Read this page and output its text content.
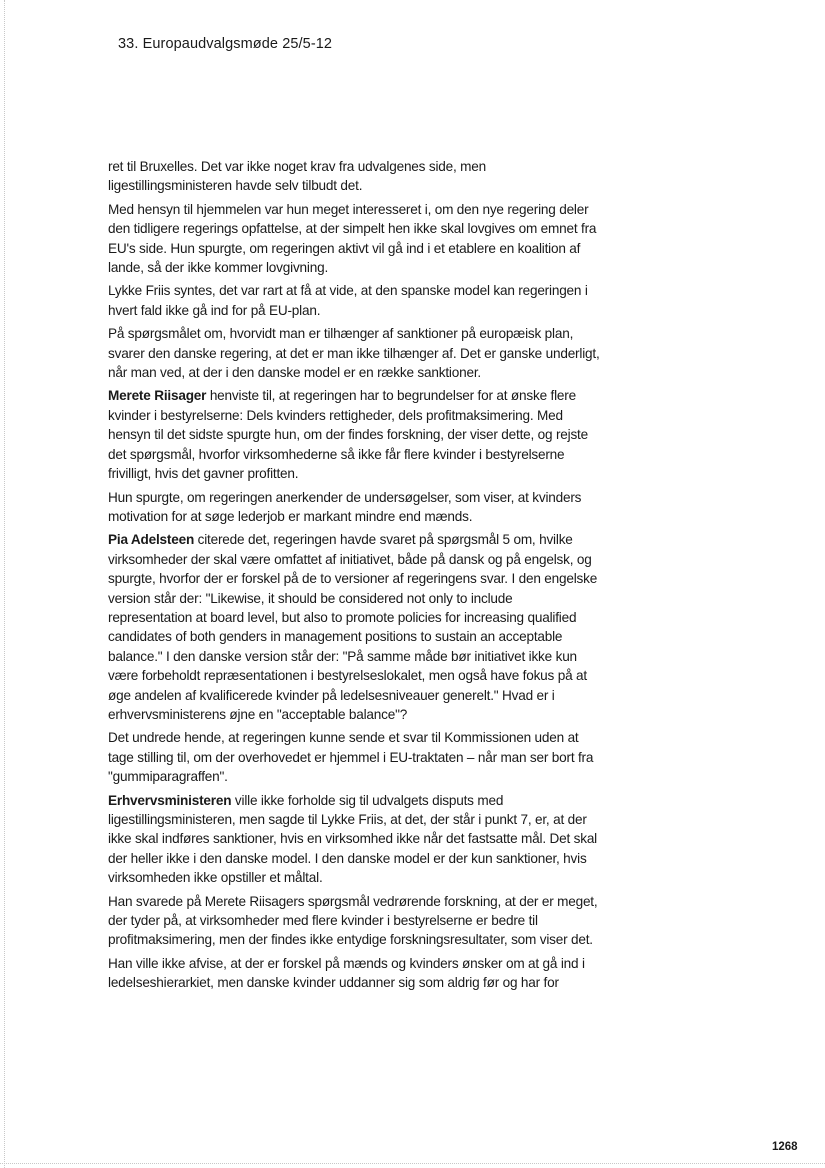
33. Europaudvalgsmøde 25/5-12

ret til Bruxelles. Det var ikke noget krav fra udvalgenes side, men ligestillingsministeren havde selv tilbudt det.

Med hensyn til hjemmelen var hun meget interesseret i, om den nye regering deler den tidligere regerings opfattelse, at der simpelt hen ikke skal lovgives om emnet fra EU's side. Hun spurgte, om regeringen aktivt vil gå ind i et etablere en koalition af lande, så der ikke kommer lovgivning.

Lykke Friis syntes, det var rart at få at vide, at den spanske model kan regeringen i hvert fald ikke gå ind for på EU-plan.

På spørgsmålet om, hvorvidt man er tilhænger af sanktioner på europæisk plan, svarer den danske regering, at det er man ikke tilhænger af. Det er ganske underligt, når man ved, at der i den danske model er en række sanktioner.

Merete Riisager henviste til, at regeringen har to begrundelser for at ønske flere kvinder i bestyrelserne: Dels kvinders rettigheder, dels profitmaksimering. Med hensyn til det sidste spurgte hun, om der findes forskning, der viser dette, og rejste det spørgsmål, hvorfor virksomhederne så ikke får flere kvinder i bestyrelserne frivilligt, hvis det gavner profitten.

Hun spurgte, om regeringen anerkender de undersøgelser, som viser, at kvinders motivation for at søge lederjob er markant mindre end mænds.

Pia Adelsteen citerede det, regeringen havde svaret på spørgsmål 5 om, hvilke virksomheder der skal være omfattet af initiativet, både på dansk og på engelsk, og spurgte, hvorfor der er forskel på de to versioner af regeringens svar. I den engelske version står der: "Likewise, it should be considered not only to include representation at board level, but also to promote policies for increasing qualified candidates of both genders in management positions to sustain an acceptable balance." I den danske version står der: "På samme måde bør initiativet ikke kun være forbeholdt repræsentationen i bestyrelseslokalet, men også have fokus på at øge andelen af kvalificerede kvinder på ledelsesniveauer generelt." Hvad er i erhvervsministerens øjne en "acceptable balance"?

Det undrede hende, at regeringen kunne sende et svar til Kommissionen uden at tage stilling til, om der overhovedet er hjemmel i EU-traktaten – når man ser bort fra "gummiparagraffen".

Erhvervsministeren ville ikke forholde sig til udvalgets disputs med ligestillingsministeren, men sagde til Lykke Friis, at det, der står i punkt 7, er, at der ikke skal indføres sanktioner, hvis en virksomhed ikke når det fastsatte mål. Det skal der heller ikke i den danske model. I den danske model er der kun sanktioner, hvis virksomheden ikke opstiller et måltal.

Han svarede på Merete Riisagers spørgsmål vedrørende forskning, at der er meget, der tyder på, at virksomheder med flere kvinder i bestyrelserne er bedre til profitmaksimering, men der findes ikke entydige forskningsresultater, som viser det.

Han ville ikke afvise, at der er forskel på mænds og kvinders ønsker om at gå ind i ledelseshierarkiet, men danske kvinder uddanner sig som aldrig før og har for

1268
